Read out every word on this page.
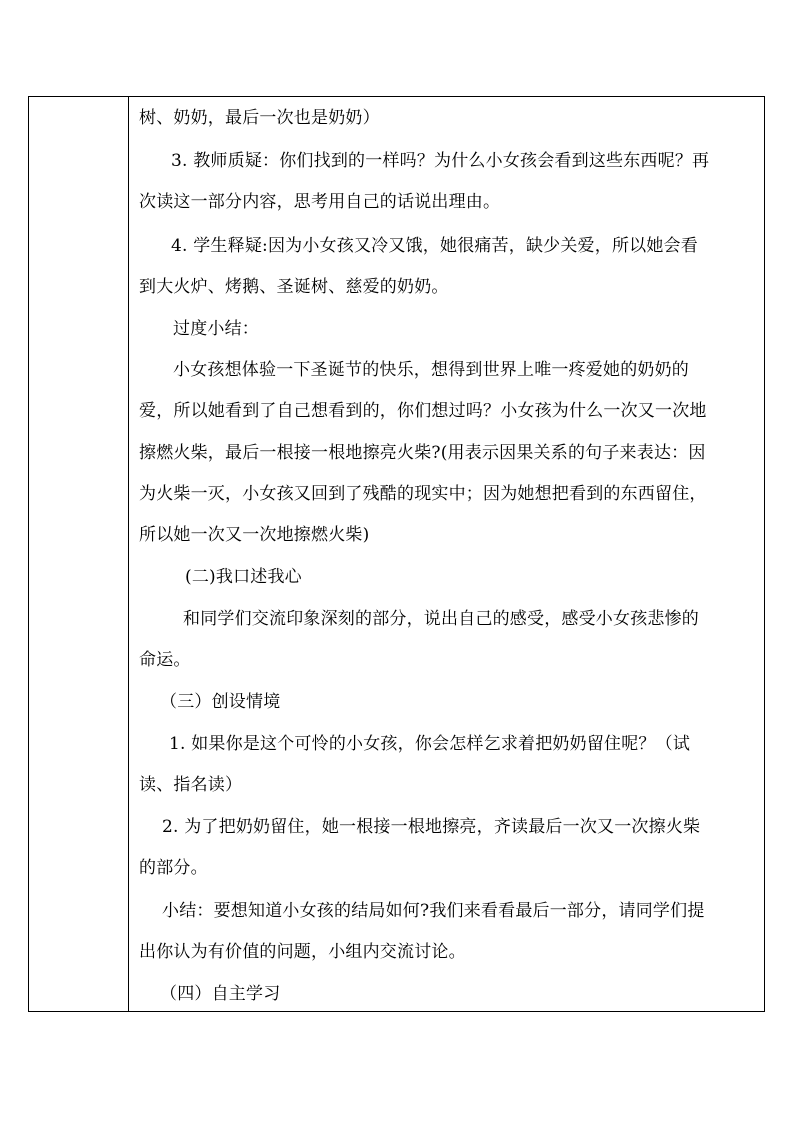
树、奶奶，最后一次也是奶奶）
3. 教师质疑：你们找到的一样吗？为什么小女孩会看到这些东西呢？再
次读这一部分内容，思考用自己的话说出理由。
4. 学生释疑:因为小女孩又冷又饿，她很痛苦，缺少关爱，所以她会看
到大火炉、烤鹅、圣诞树、慈爱的奶奶。
过度小结：
小女孩想体验一下圣诞节的快乐，想得到世界上唯一疼爱她的奶奶的
爱，所以她看到了自己想看到的，你们想过吗？小女孩为什么一次又一次地
擦燃火柴，最后一根接一根地擦亮火柴?(用表示因果关系的句子来表达：因
为火柴一灭，小女孩又回到了残酷的现实中；因为她想把看到的东西留住，
所以她一次又一次地擦燃火柴)
(二)我口述我心
和同学们交流印象深刻的部分，说出自己的感受，感受小女孩悲惨的
命运。
（三）创设情境
1. 如果你是这个可怜的小女孩，你会怎样乞求着把奶奶留住呢？（试
读、指名读）
2. 为了把奶奶留住，她一根接一根地擦亮，齐读最后一次又一次擦火柴
的部分。
小结：要想知道小女孩的结局如何?我们来看看最后一部分，请同学们提
出你认为有价值的问题，小组内交流讨论。
（四）自主学习
